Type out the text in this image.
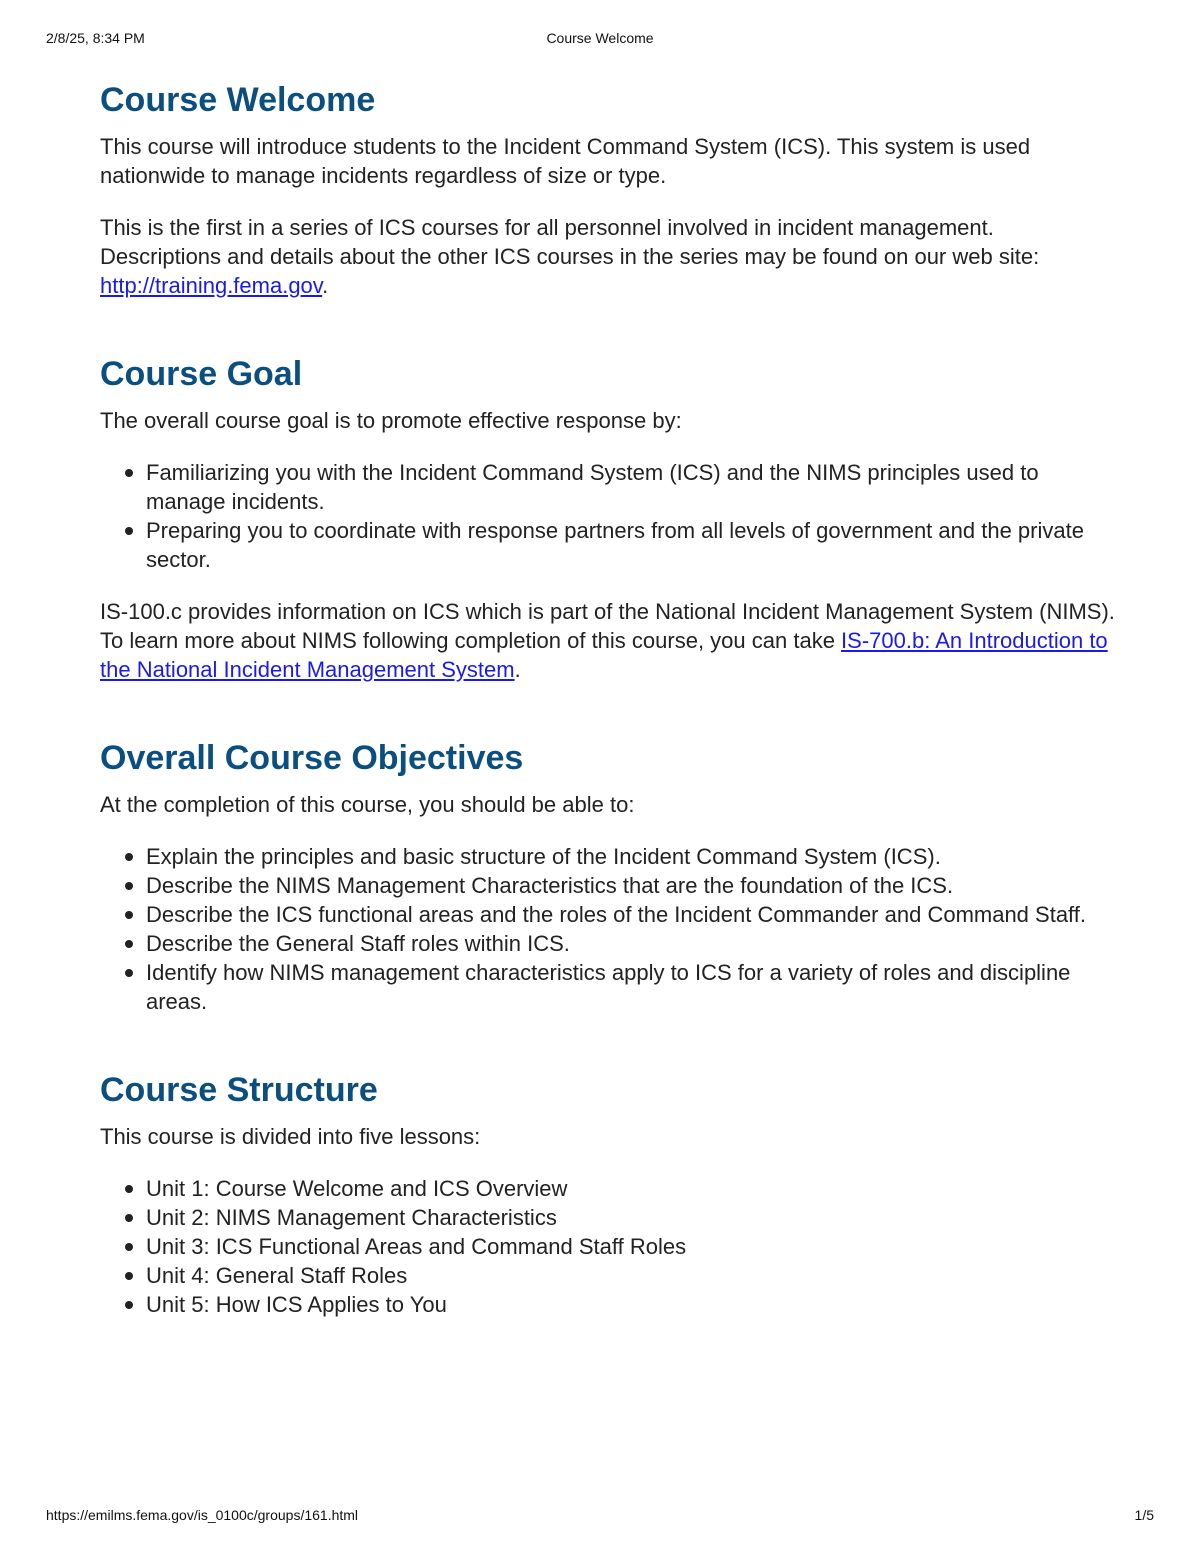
2/8/25, 8:34 PM	Course Welcome
Course Welcome

This course will introduce students to the Incident Command System (ICS). This system is used nationwide to manage incidents regardless of size or type.

This is the first in a series of ICS courses for all personnel involved in incident management. Descriptions and details about the other ICS courses in the series may be found on our web site: http://training.fema.gov.

Course Goal

The overall course goal is to promote effective response by:

Familiarizing you with the Incident Command System (ICS) and the NIMS principles used to manage incidents.
Preparing you to coordinate with response partners from all levels of government and the private sector.

IS-100.c provides information on ICS which is part of the National Incident Management System (NIMS). To learn more about NIMS following completion of this course, you can take IS-700.b: An Introduction to the National Incident Management System.

Overall Course Objectives

At the completion of this course, you should be able to:

Explain the principles and basic structure of the Incident Command System (ICS).
Describe the NIMS Management Characteristics that are the foundation of the ICS.
Describe the ICS functional areas and the roles of the Incident Commander and Command Staff.
Describe the General Staff roles within ICS.
Identify how NIMS management characteristics apply to ICS for a variety of roles and discipline areas.
Course Structure

This course is divided into five lessons:

Unit 1: Course Welcome and ICS Overview
Unit 2: NIMS Management Characteristics
Unit 3: ICS Functional Areas and Command Staff Roles
Unit 4: General Staff Roles
Unit 5: How ICS Applies to You
https://emilms.fema.gov/is_0100c/groups/161.html	1/5
